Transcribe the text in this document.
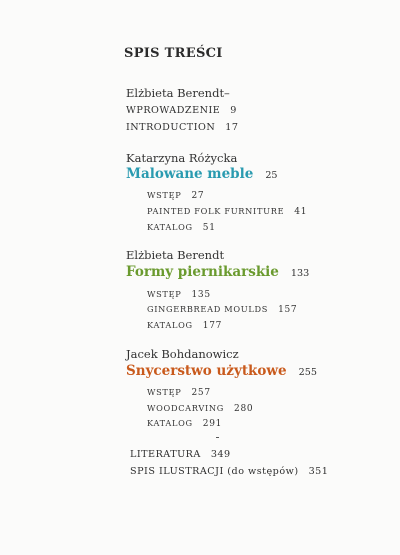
SPIS TREŚCI
Elżbieta Berendt–
WPROWADZENIE 9
INTRODUCTION 17
Katarzyna Różycka
Malowane meble 25
WSTĘP 27
PAINTED FOLK FURNITURE 41
KATALOG 51
Elżbieta Berendt
Formy piernikarskie 133
WSTĘP 135
GINGERBREAD MOULDS 157
KATALOG 177
Jacek Bohdanowicz
Snycerstwo użytkowe 255
WSTĘP 257
WOODCARVING 280
KATALOG 291
LITERATURA 349
SPIS ILUSTRACJI (do wstępów) 351
